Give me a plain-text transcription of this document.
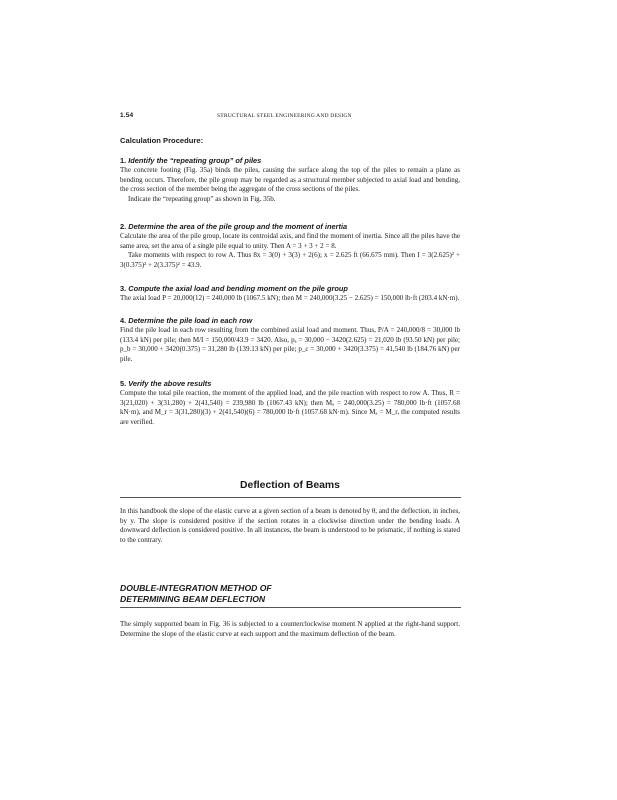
1.54	STRUCTURAL STEEL ENGINEERING AND DESIGN
Calculation Procedure:
1. Identify the “repeating group” of piles

The concrete footing (Fig. 35a) binds the piles, causing the surface along the top of the piles to remain a plane as bending occurs. Therefore, the pile group may be regarded as a structural member subjected to axial load and bending, the cross section of the member being the aggregate of the cross sections of the piles.

Indicate the “repeating group” as shown in Fig. 35b.

2. Determine the area of the pile group and the moment of inertia

Calculate the area of the pile group, locate its centroidal axis, and find the moment of inertia. Since all the piles have the same area, set the area of a single pile equal to unity. Then A = 3 + 3 + 2 = 8.

Take moments with respect to row A. Thus 8x = 3(0) + 3(3) + 2(6); x = 2.625 ft (66.675 mm). Then I = 3(2.625)² + 3(0.375)² + 2(3.375)² = 43.9.

3. Compute the axial load and bending moment on the pile group

The axial load P = 20,000(12) = 240,000 lb (1067.5 kN); then M = 240,000(3.25 − 2.625) = 150,000 lb·ft (203.4 kN·m).

4. Determine the pile load in each row

Find the pile load in each row resulting from the combined axial load and moment. Thus, P/A = 240,000/8 = 30,000 lb (133.4 kN) per pile; then M/I = 150,000/43.9 = 3420. Also, pₐ = 30,000 − 3420(2.625) = 21,020 lb (93.50 kN) per pile; p_b = 30,000 + 3420(0.375) = 31,280 lb (139.13 kN) per pile; p_c = 30,000 + 3420(3.375) = 41,540 lb (184.76 kN) per pile.

5. Verify the above results

Compute the total pile reaction, the moment of the applied load, and the pile reaction with respect to row A. Thus, R = 3(21,020) + 3(31,280) + 2(41,540) = 239,980 lb (1067.43 kN); then Mₐ = 240,000(3.25) = 780,000 lb·ft (1057.68 kN·m), and M_r = 3(31,280)(3) + 2(41,540)(6) = 780,000 lb·ft (1057.68 kN·m). Since Mₐ = M_r, the computed results are verified.

Deflection of Beams

In this handbook the slope of the elastic curve at a given section of a beam is denoted by θ, and the deflection, in inches, by y. The slope is considered positive if the section rotates in a clockwise direction under the bending loads. A downward deflection is considered positive. In all instances, the beam is understood to be prismatic, if nothing is stated to the contrary.

DOUBLE-INTEGRATION METHOD OF
DETERMINING BEAM DEFLECTION

The simply supported beam in Fig. 36 is subjected to a counterclockwise moment N applied at the right-hand support. Determine the slope of the elastic curve at each support and the maximum deflection of the beam.
